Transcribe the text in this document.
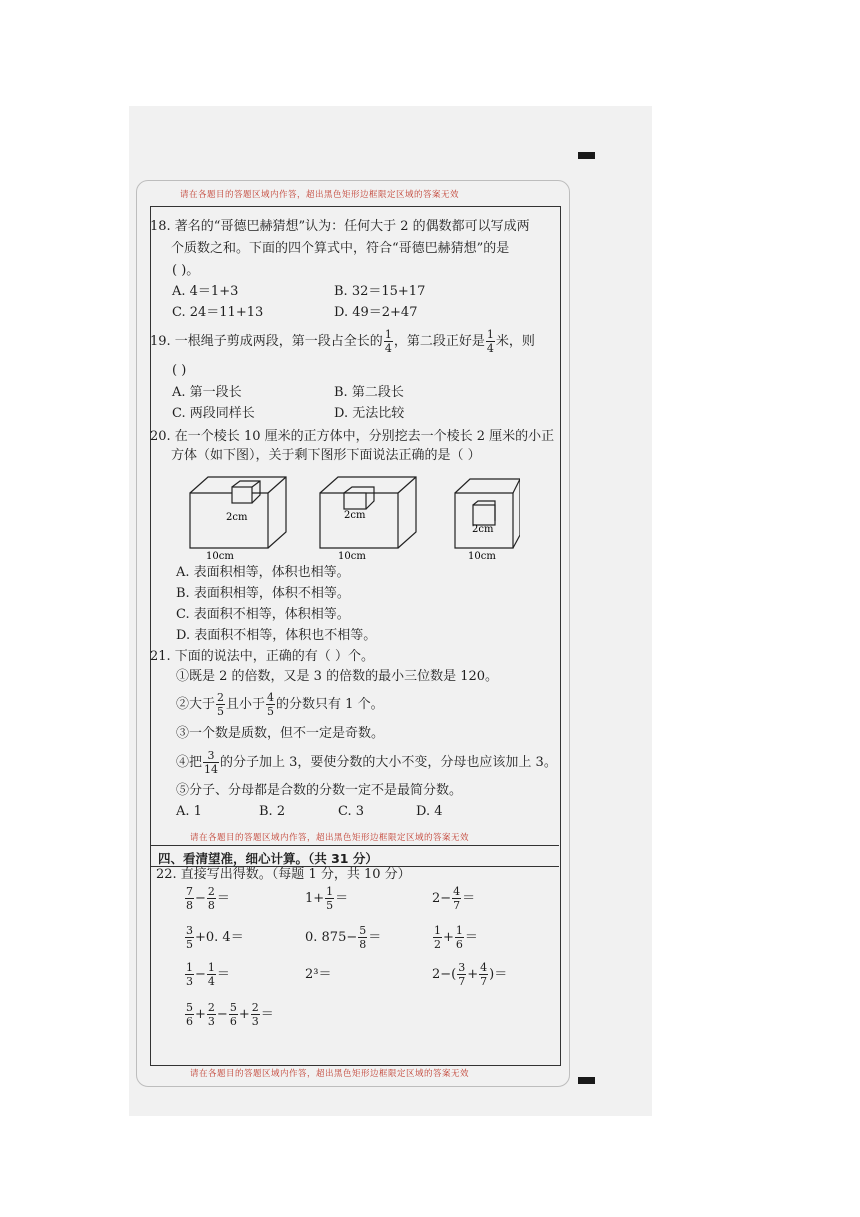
请在各题目的答题区域内作答，超出黑色矩形边框限定区域的答案无效
请在各题目的答题区域内作答，超出黑色矩形边框限定区域的答案无效
请在各题目的答题区域内作答，超出黑色矩形边框限定区域的答案无效
18. 著名的“哥德巴赫猜想”认为：任何大于 2 的偶数都可以写成两
个质数之和。下面的四个算式中，符合“哥德巴赫猜想”的是
( )。
A. 4＝1+3	B. 32＝15+17
C. 24＝11+13	D. 49＝2+47
19. 一根绳子剪成两段，第一段占全长的 $\frac{1}{4}$ ，第二段正好是 $\frac{1}{4}$ 米，则
( )
A. 第一段长	B. 第二段长
C. 两段同样长	D. 无法比较
20. 在一个棱长 10 厘米的正方体中，分别挖去一个棱长 2 厘米的小正
方体（如下图），关于剩下图形下面说法正确的是（ ）
2cm
10cm
2cm
10cm
2cm
10cm
A. 表面积相等，体积也相等。
B. 表面积相等，体积不相等。
C. 表面积不相等，体积相等。
D. 表面积不相等，体积也不相等。
21. 下面的说法中，正确的有（ ）个。
①既是 2 的倍数，又是 3 的倍数的最小三位数是 120。
②大于 $\frac{2}{5}$ 且小于 $\frac{4}{5}$ 的分数只有 1 个。
③一个数是质数，但不一定是奇数。
④把 $\frac{3}{14}$ 的分子加上 3，要使分数的大小不变，分母也应该加上 3。
⑤分子、分母都是合数的分数一定不是最简分数。
A. 1	B. 2	C. 3	D. 4
四、看清望准，细心计算。（共 31 分）
22. 直接写出得数。（每题 1 分，共 10 分）
$\frac{7}{8} - \frac{2}{8}$ ＝	$1+ \frac{1}{5}$ ＝	$2- \frac{4}{7}$ ＝
$\frac{3}{5} +0$. 4＝	0. $875- \frac{5}{8}$ ＝	$\frac{1}{2} + \frac{1}{6}$ ＝
$\frac{1}{3} - \frac{1}{4}$ ＝	2³＝	$2-( \frac{3}{7} + \frac{4}{7}$ )＝
$\frac{5}{6} + \frac{2}{3} - \frac{5}{6} + \frac{2}{3}$ ＝
